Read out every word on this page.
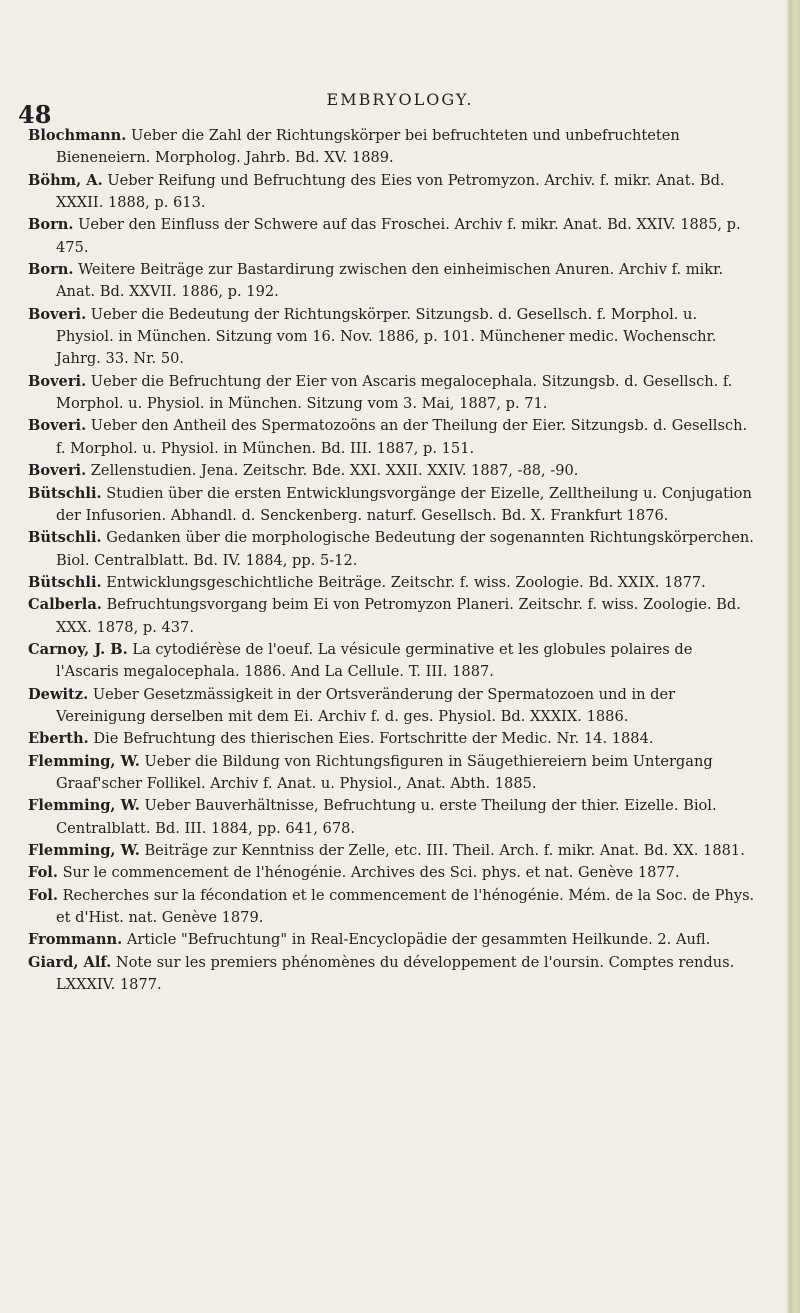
48
EMBRYOLOGY.

Blochmann. Ueber die Zahl der Richtungskörper bei befruchteten und unbefruchteten Bieneneiern. Morpholog. Jahrb. Bd. XV. 1889.

Böhm, A. Ueber Reifung und Befruchtung des Eies von Petromyzon. Archiv. f. mikr. Anat. Bd. XXXII. 1888, p. 613.

Born. Ueber den Einfluss der Schwere auf das Froschei. Archiv f. mikr. Anat. Bd. XXIV. 1885, p. 475.

Born. Weitere Beiträge zur Bastardirung zwischen den einheimischen Anuren. Archiv f. mikr. Anat. Bd. XXVII. 1886, p. 192.

Boveri. Ueber die Bedeutung der Richtungskörper. Sitzungsb. d. Gesellsch. f. Morphol. u. Physiol. in München. Sitzung vom 16. Nov. 1886, p. 101. Münchener medic. Wochenschr. Jahrg. 33. Nr. 50.

Boveri. Ueber die Befruchtung der Eier von Ascaris megalocephala. Sitzungsb. d. Gesellsch. f. Morphol. u. Physiol. in München. Sitzung vom 3. Mai, 1887, p. 71.

Boveri. Ueber den Antheil des Spermatozoöns an der Theilung der Eier. Sitzungsb. d. Gesellsch. f. Morphol. u. Physiol. in München. Bd. III. 1887, p. 151.

Boveri. Zellenstudien. Jena. Zeitschr. Bde. XXI. XXII. XXIV. 1887, -88, -90.

Bütschli. Studien über die ersten Entwicklungsvorgänge der Eizelle, Zelltheilung u. Conjugation der Infusorien. Abhandl. d. Senckenberg. naturf. Gesellsch. Bd. X. Frankfurt 1876.

Bütschli. Gedanken über die morphologische Bedeutung der sogenannten Richtungskörperchen. Biol. Centralblatt. Bd. IV. 1884, pp. 5-12.

Bütschli. Entwicklungsgeschichtliche Beiträge. Zeitschr. f. wiss. Zoologie. Bd. XXIX. 1877.

Calberla. Befruchtungsvorgang beim Ei von Petromyzon Planeri. Zeitschr. f. wiss. Zoologie. Bd. XXX. 1878, p. 437.

Carnoy, J. B. La cytodiérèse de l'oeuf. La vésicule germinative et les globules polaires de l'Ascaris megalocephala. 1886. And La Cellule. T. III. 1887.

Dewitz. Ueber Gesetzmässigkeit in der Ortsveränderung der Spermatozoen und in der Vereinigung derselben mit dem Ei. Archiv f. d. ges. Physiol. Bd. XXXIX. 1886.

Eberth. Die Befruchtung des thierischen Eies. Fortschritte der Medic. Nr. 14. 1884.

Flemming, W. Ueber die Bildung von Richtungsfiguren in Säugethiereiern beim Untergang Graaf'scher Follikel. Archiv f. Anat. u. Physiol., Anat. Abth. 1885.

Flemming, W. Ueber Bauverhältnisse, Befruchtung u. erste Theilung der thier. Eizelle. Biol. Centralblatt. Bd. III. 1884, pp. 641, 678.

Flemming, W. Beiträge zur Kenntniss der Zelle, etc. III. Theil. Arch. f. mikr. Anat. Bd. XX. 1881.

Fol. Sur le commencement de l'hénogénie. Archives des Sci. phys. et nat. Genève 1877.

Fol. Recherches sur la fécondation et le commencement de l'hénogénie. Mém. de la Soc. de Phys. et d'Hist. nat. Genève 1879.

Frommann. Article "Befruchtung" in Real-Encyclopädie der gesammten Heilkunde. 2. Aufl.

Giard, Alf. Note sur les premiers phénomènes du développement de l'oursin. Comptes rendus. LXXXIV. 1877.
